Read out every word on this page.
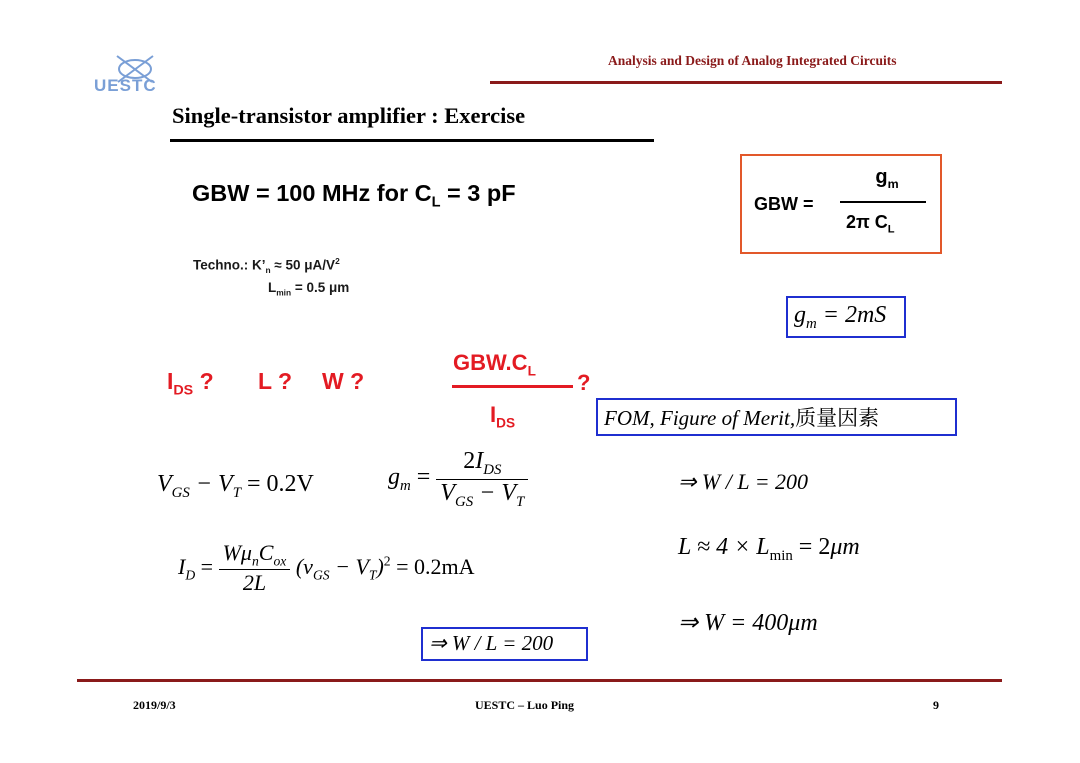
UESTC
Analysis and Design of Analog Integrated Circuits
Single-transistor amplifier : Exercise
GBW = 100 MHz for $C_L = 3$ pF
Techno.: $K’_n \approx 50$ $\mu A/V^2$
$L_{min} = 0.5$ μm
GBW =
$g_m$
2π $C_L$
$g_m = 2mS$
$I_{DS}$ ? L ? W ?
$GBW.C_L$
$I_{DS}$
?
FOM, Figure of Merit,质量因素
$V_{GS} - V_T = 0.2V$	$g_m = \frac{2I_{DS}}{V_{GS} - V_T}$	⇒ W / L = 200
$L \approx 4 \times L_{min} = 2\mu m$
$I_D = \frac{W\mu_nC_{ox}}{2L} (v_{GS} - V_T)^2 = 0.2mA$
⇒ W = 400μm
⇒ W / L = 200
2019/9/3	UESTC – Luo Ping	9
